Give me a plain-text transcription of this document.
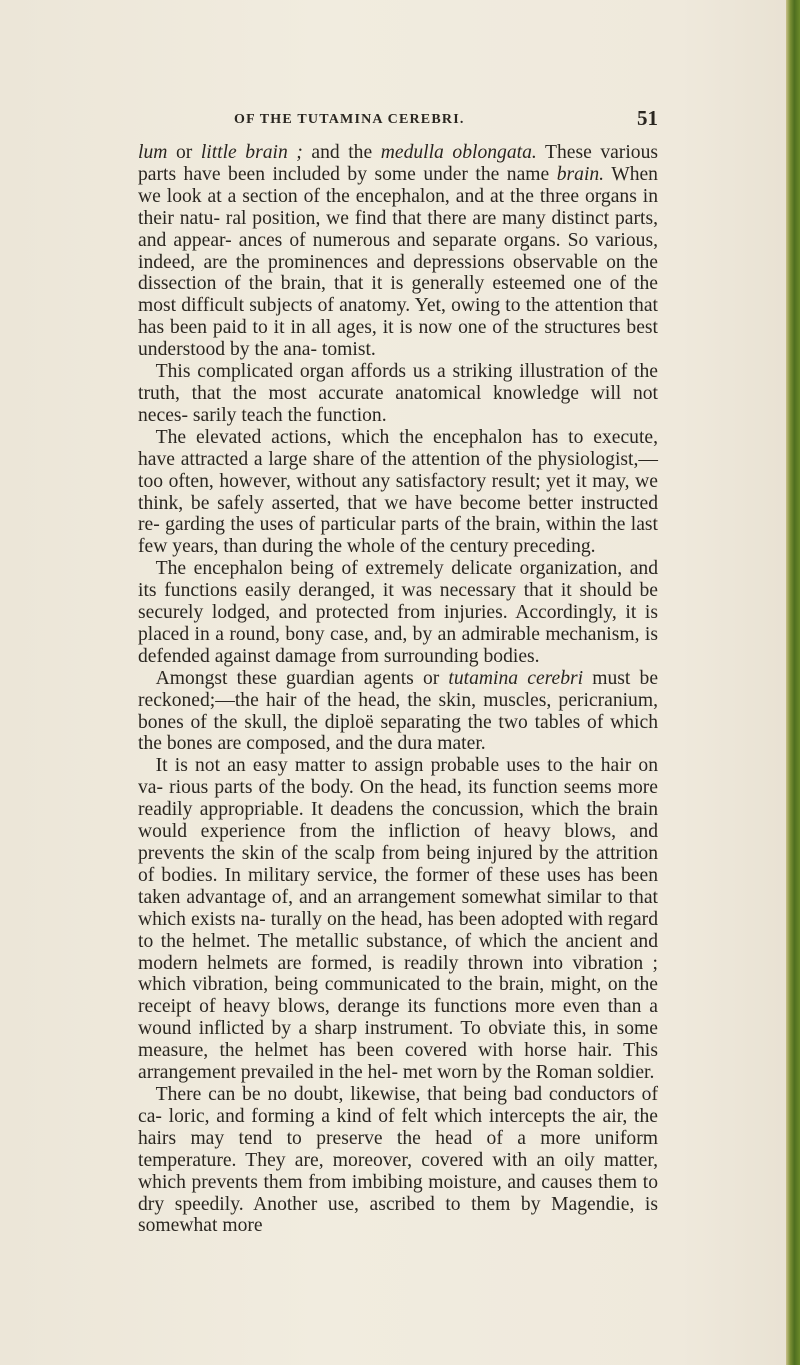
OF THE TUTAMINA CEREBRI.	51

lum or little brain ; and the medulla oblongata. These various parts have been included by some under the name brain. When we look at a section of the encephalon, and at the three organs in their natu- ral position, we find that there are many distinct parts, and appear- ances of numerous and separate organs. So various, indeed, are the prominences and depressions observable on the dissection of the brain, that it is generally esteemed one of the most difficult subjects of anatomy. Yet, owing to the attention that has been paid to it in all ages, it is now one of the structures best understood by the ana- tomist.

This complicated organ affords us a striking illustration of the truth, that the most accurate anatomical knowledge will not neces- sarily teach the function.

The elevated actions, which the encephalon has to execute, have attracted a large share of the attention of the physiologist,—too often, however, without any satisfactory result; yet it may, we think, be safely asserted, that we have become better instructed re- garding the uses of particular parts of the brain, within the last few years, than during the whole of the century preceding.

The encephalon being of extremely delicate organization, and its functions easily deranged, it was necessary that it should be securely lodged, and protected from injuries. Accordingly, it is placed in a round, bony case, and, by an admirable mechanism, is defended against damage from surrounding bodies.

Amongst these guardian agents or tutamina cerebri must be reckoned;—the hair of the head, the skin, muscles, pericranium, bones of the skull, the diploë separating the two tables of which the bones are composed, and the dura mater.

It is not an easy matter to assign probable uses to the hair on va- rious parts of the body. On the head, its function seems more readily appropriable. It deadens the concussion, which the brain would experience from the infliction of heavy blows, and prevents the skin of the scalp from being injured by the attrition of bodies. In military service, the former of these uses has been taken advantage of, and an arrangement somewhat similar to that which exists na- turally on the head, has been adopted with regard to the helmet. The metallic substance, of which the ancient and modern helmets are formed, is readily thrown into vibration ; which vibration, being communicated to the brain, might, on the receipt of heavy blows, derange its functions more even than a wound inflicted by a sharp instrument. To obviate this, in some measure, the helmet has been covered with horse hair. This arrangement prevailed in the hel- met worn by the Roman soldier.

There can be no doubt, likewise, that being bad conductors of ca- loric, and forming a kind of felt which intercepts the air, the hairs may tend to preserve the head of a more uniform temperature. They are, moreover, covered with an oily matter, which prevents them from imbibing moisture, and causes them to dry speedily. Another use, ascribed to them by Magendie, is somewhat more
